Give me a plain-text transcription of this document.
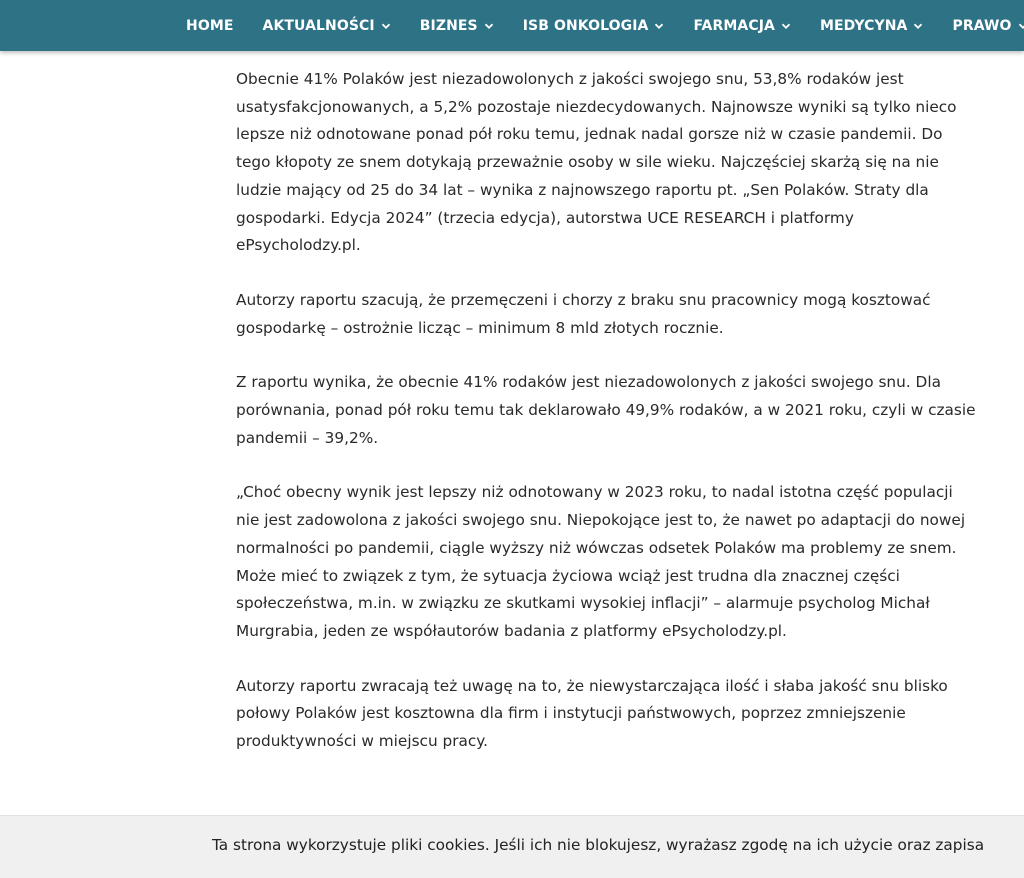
HOME AKTUALNOŚCI	BIZNES	ISB ONKOLOGIA	FARMACJA	MEDYCYNA	PRAWO

Obecnie 41% Polaków jest niezadowolonych z jakości swojego snu, 53,8% rodaków jest usatysfakcjonowanych, a 5,2% pozostaje niezdecydowanych. Najnowsze wyniki są tylko nieco lepsze niż odnotowane ponad pół roku temu, jednak nadal gorsze niż w czasie pandemii. Do tego kłopoty ze snem dotykają przeważnie osoby w sile wieku. Najczęściej skarżą się na nie ludzie mający od 25 do 34 lat – wynika z najnowszego raportu pt. „Sen Polaków. Straty dla gospodarki. Edycja 2024” (trzecia edycja), autorstwa UCE RESEARCH i platformy ePsycholodzy.pl.

Autorzy raportu szacują, że przemęczeni i chorzy z braku snu pracownicy mogą kosztować gospodarkę – ostrożnie licząc – minimum 8 mld złotych rocznie.

Z raportu wynika, że obecnie 41% rodaków jest niezadowolonych z jakości swojego snu. Dla porównania, ponad pół roku temu tak deklarowało 49,9% rodaków, a w 2021 roku, czyli w czasie pandemii – 39,2%.

„Choć obecny wynik jest lepszy niż odnotowany w 2023 roku, to nadal istotna część populacji nie jest zadowolona z jakości swojego snu. Niepokojące jest to, że nawet po adaptacji do nowej normalności po pandemii, ciągle wyższy niż wówczas odsetek Polaków ma problemy ze snem. Może mieć to związek z tym, że sytuacja życiowa wciąż jest trudna dla znacznej części społeczeństwa, m.in. w związku ze skutkami wysokiej inflacji” – alarmuje psycholog Michał Murgrabia, jeden ze współautorów badania z platformy ePsycholodzy.pl.

Autorzy raportu zwracają też uwagę na to, że niewystarczająca ilość i słaba jakość snu blisko połowy Polaków jest kosztowna dla firm i instytucji państwowych, poprzez zmniejszenie produktywności w miejscu pracy.

Ta strona wykorzystuje pliki cookies. Jeśli ich nie blokujesz, wyrażasz zgodę na ich użycie oraz zapisa
